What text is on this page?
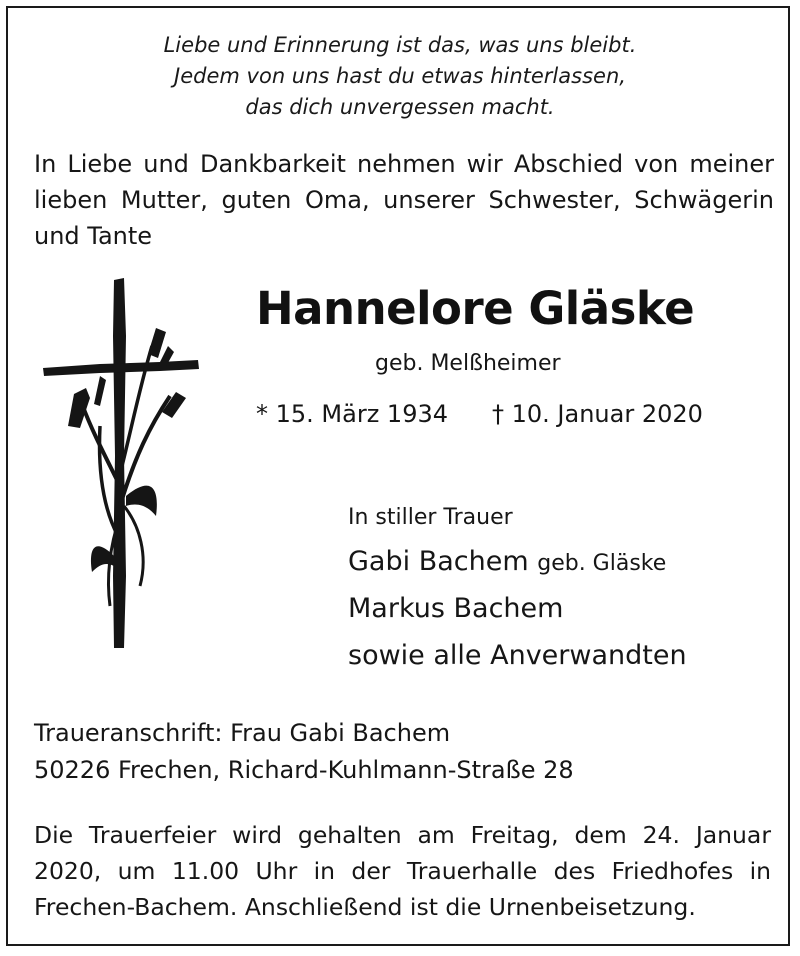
Liebe und Erinnerung ist das, was uns bleibt.
Jedem von uns hast du etwas hinterlassen,
das dich unvergessen macht.
In Liebe und Dankbarkeit nehmen wir Abschied von meiner lieben Mutter, guten Oma, unserer Schwester, Schwägerin und Tante
Hannelore Gläske
geb. Melßheimer
* 15. März 1934 † 10. Januar 2020
In stiller Trauer
Gabi Bachem geb. Gläske
Markus Bachem
sowie alle Anverwandten
Traueranschrift: Frau Gabi Bachem
50226 Frechen, Richard-Kuhlmann-Straße 28
Die Trauerfeier wird gehalten am Freitag, dem 24. Januar 2020, um 11.00 Uhr in der Trauerhalle des Friedhofes in Frechen-Bachem. Anschließend ist die Urnenbeisetzung.
